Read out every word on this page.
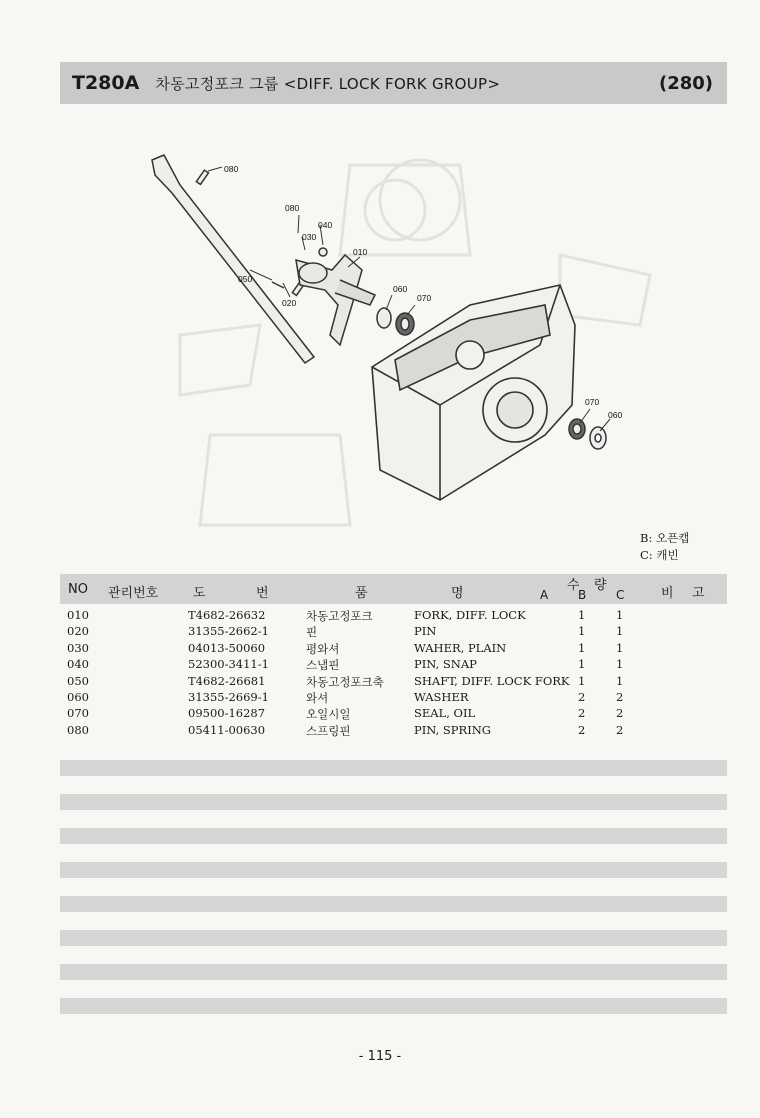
T280A 차동고정포크 그룹 <DIFF. LOCK FORK GROUP>	(280)
080
080
040
030
010
050
020
060
070
070
060
B: 오픈캡
C: 캐빈
NO 관리번호	도	번	품	명
수 량
A B C	비 고
010	T4682-26632	차동고정포크	FORK, DIFF. LOCK	1	1
020	31355-2662-1	핀	PIN	1	1
030	04013-50060	평와셔	WAHER, PLAIN	1	1
040	52300-3411-1	스냅핀	PIN, SNAP	1	1
050	T4682-26681	차동고정포크축	SHAFT, DIFF. LOCK FORK 1	1
060	31355-2669-1	와셔	WASHER	2	2
070	09500-16287	오일시일	SEAL, OIL	2	2
080	05411-00630	스프링핀	PIN, SPRING	2	2
- 115 -
